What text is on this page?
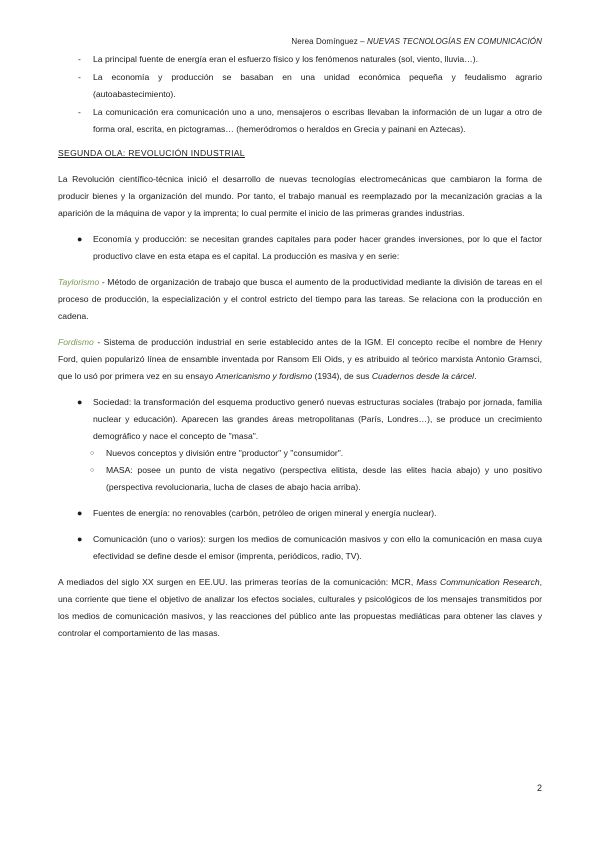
Nerea Domínguez – NUEVAS TECNOLOGÍAS EN COMUNICACIÓN
- La principal fuente de energía eran el esfuerzo físico y los fenómenos naturales (sol, viento, lluvia…).
- La economía y producción se basaban en una unidad económica pequeña y feudalismo agrario (autoabastecimiento).
- La comunicación era comunicación uno a uno, mensajeros o escribas llevaban la información de un lugar a otro de forma oral, escrita, en pictogramas… (hemeródromos o heraldos en Grecia y painani en Aztecas).
SEGUNDA OLA: REVOLUCIÓN INDUSTRIAL

La Revolución científico-técnica inició el desarrollo de nuevas tecnologías electromecánicas que cambiaron la forma de producir bienes y la organización del mundo. Por tanto, el trabajo manual es reemplazado por la mecanización gracias a la aparición de la máquina de vapor y la imprenta; lo cual permite el inicio de las primeras grandes industrias.

● Economía y producción: se necesitan grandes capitales para poder hacer grandes inversiones, por lo que el factor productivo clave en esta etapa es el capital. La producción es masiva y en serie:

Taylorismo - Método de organización de trabajo que busca el aumento de la productividad mediante la división de tareas en el proceso de producción, la especialización y el control estricto del tiempo para las tareas. Se relaciona con la producción en cadena.

Fordismo - Sistema de producción industrial en serie establecido antes de la IGM. El concepto recibe el nombre de Henry Ford, quien popularizó línea de ensamble inventada por Ransom Eli Oids, y es atribuido al teórico marxista Antonio Gramsci, que lo usó por primera vez en su ensayo Americanismo y fordismo (1934), de sus Cuadernos desde la cárcel.

● Sociedad: la transformación del esquema productivo generó nuevas estructuras sociales (trabajo por jornada, familia nuclear y educación). Aparecen las grandes áreas metropolitanas (París, Londres…), se produce un crecimiento demográfico y nace el concepto de "masa".
○ Nuevos conceptos y división entre "productor" y "consumidor".
○ MASA: posee un punto de vista negativo (perspectiva elitista, desde las elites hacia abajo) y uno positivo (perspectiva revolucionaria, lucha de clases de abajo hacia arriba).
● Fuentes de energía: no renovables (carbón, petróleo de origen mineral y energía nuclear).
● Comunicación (uno o varios): surgen los medios de comunicación masivos y con ello la comunicación en masa cuya efectividad se define desde el emisor (imprenta, periódicos, radio, TV).

A mediados del siglo XX surgen en EE.UU. las primeras teorías de la comunicación: MCR, Mass Communication Research, una corriente que tiene el objetivo de analizar los efectos sociales, culturales y psicológicos de los mensajes transmitidos por los medios de comunicación masivos, y las reacciones del público ante las propuestas mediáticas para obtener las claves y controlar el comportamiento de las masas.

2
